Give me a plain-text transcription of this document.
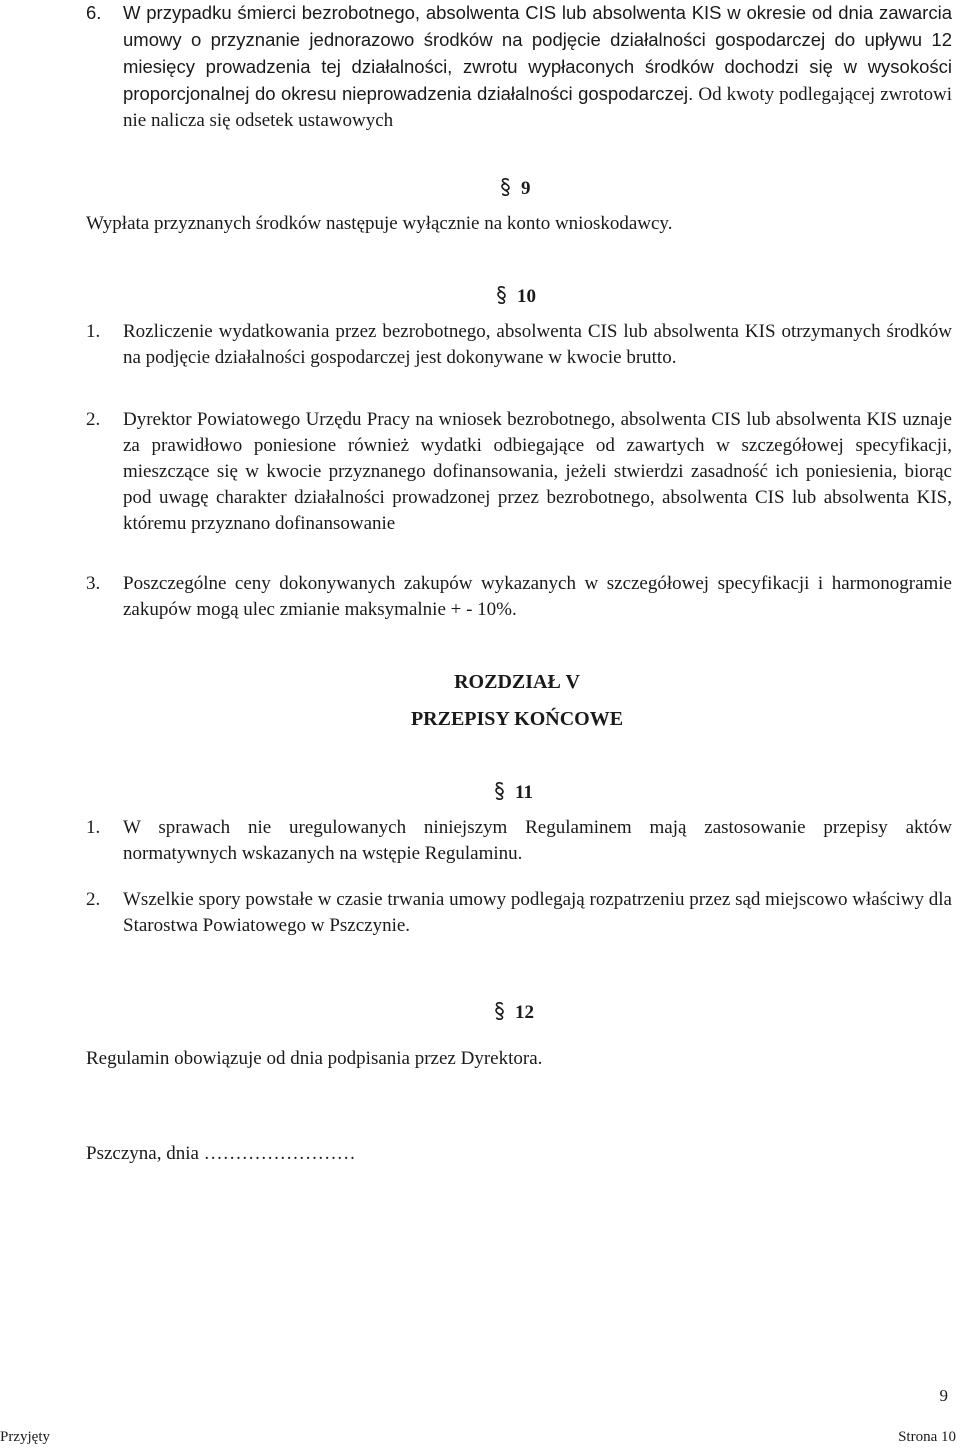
6. W przypadku śmierci bezrobotnego, absolwenta CIS lub absolwenta KIS w okresie od dnia zawarcia umowy o przyznanie jednorazowo środków na podjęcie działalności gospodarczej do upływu 12 miesięcy prowadzenia tej działalności, zwrotu wypłaconych środków dochodzi się w wysokości proporcjonalnej do okresu nieprowadzenia działalności gospodarczej. Od kwoty podlegającej zwrotowi nie nalicza się odsetek ustawowych
9
Wypłata przyznanych środków następuje wyłącznie na konto wnioskodawcy.
10
1. Rozliczenie wydatkowania przez bezrobotnego, absolwenta CIS lub absolwenta KIS otrzymanych środków na podjęcie działalności gospodarczej jest dokonywane w kwocie brutto.
2. Dyrektor Powiatowego Urzędu Pracy na wniosek bezrobotnego, absolwenta CIS lub absolwenta KIS uznaje za prawidłowo poniesione również wydatki odbiegające od zawartych w szczegółowej specyfikacji, mieszczące się w kwocie przyznanego dofinansowania, jeżeli stwierdzi zasadność ich poniesienia, biorąc pod uwagę charakter działalności prowadzonej przez bezrobotnego, absolwenta CIS lub absolwenta KIS, któremu przyznano dofinansowanie
3. Poszczególne ceny dokonywanych zakupów wykazanych w szczegółowej specyfikacji i harmonogramie zakupów mogą ulec zmianie maksymalnie + - 10%.
ROZDZIAŁ V
PRZEPISY KOŃCOWE
11
1. W sprawach nie uregulowanych niniejszym Regulaminem mają zastosowanie przepisy aktów normatywnych wskazanych na wstępie Regulaminu.
2. Wszelkie spory powstałe w czasie trwania umowy podlegają rozpatrzeniu przez sąd miejscowo właściwy dla Starostwa Powiatowego w Pszczynie.
12
Regulamin obowiązuje od dnia podpisania przez Dyrektora.
Pszczyna, dnia ……………………
9
Przyjęty	Strona 10
